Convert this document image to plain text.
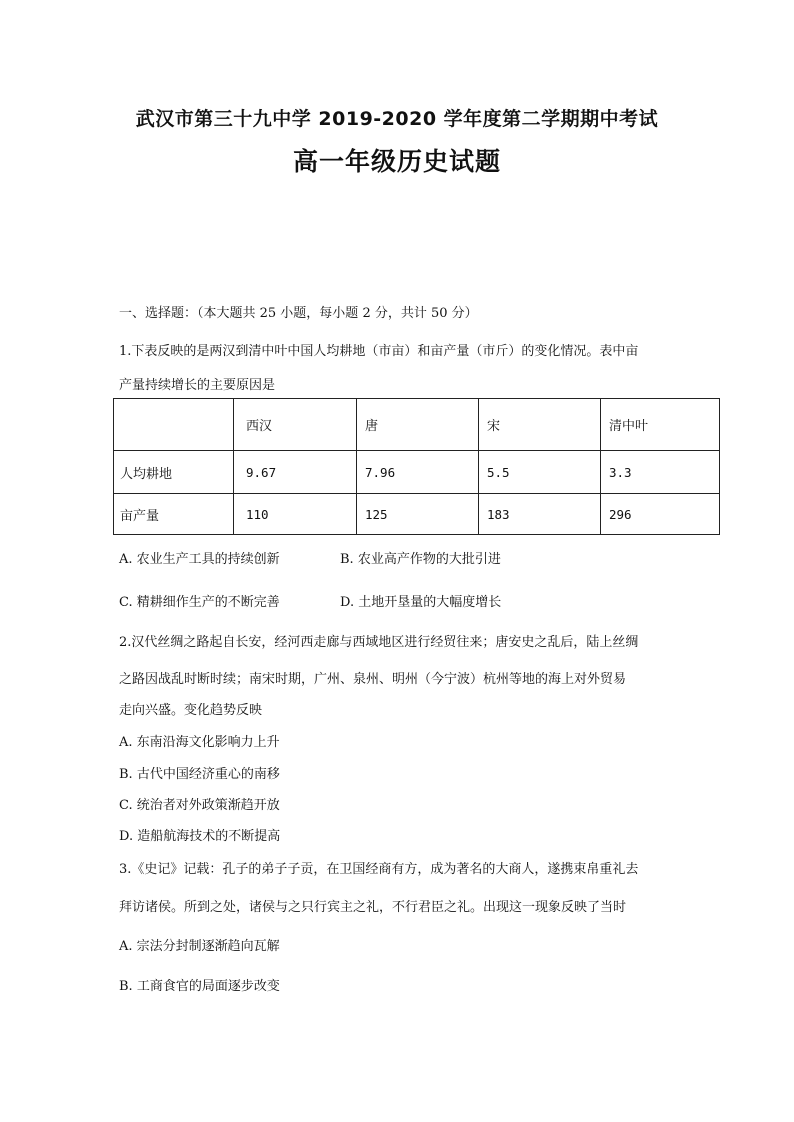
武汉市第三十九中学 2019-2020 学年度第二学期期中考试
高一年级历史试题
一、选择题：（本大题共 25 小题，每小题 2 分，共计 50 分）
1.下表反映的是两汉到清中叶中国人均耕地（市亩）和亩产量（市斤）的变化情况。表中亩
产量持续增长的主要原因是
	西汉	唐	宋	清中叶
人均耕地	9.67	7.96	5.5	3.3
亩产量	110	125	183	296
A. 农业生产工具的持续创新	B. 农业高产作物的大批引进
C. 精耕细作生产的不断完善	D. 土地开垦量的大幅度增长
2.汉代丝绸之路起自长安，经河西走廊与西域地区进行经贸往来；唐安史之乱后，陆上丝绸
之路因战乱时断时续；南宋时期，广州、泉州、明州（今宁波）杭州等地的海上对外贸易
走向兴盛。变化趋势反映
A. 东南沿海文化影响力上升
B. 古代中国经济重心的南移
C. 统治者对外政策渐趋开放
D. 造船航海技术的不断提高
3.《史记》记载：孔子的弟子子贡，在卫国经商有方，成为著名的大商人，遂携束帛重礼去
拜访诸侯。所到之处，诸侯与之只行宾主之礼，不行君臣之礼。出现这一现象反映了当时
A. 宗法分封制逐渐趋向瓦解
B. 工商食官的局面逐步改变
